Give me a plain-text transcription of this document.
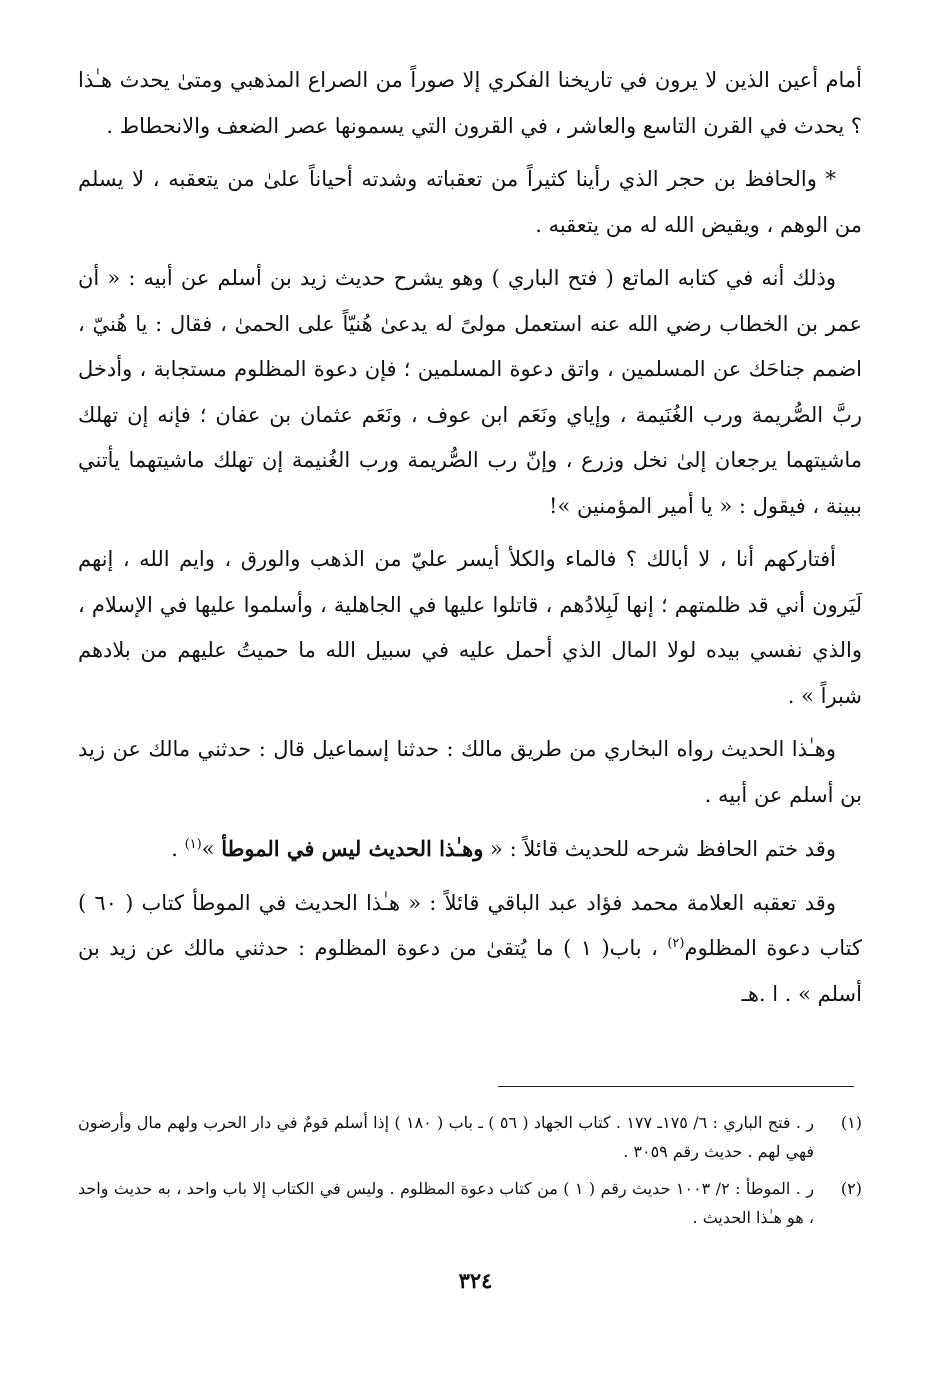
أمام أعين الذين لا يرون في تاريخنا الفكري إلا صوراً من الصراع المذهبي ومتىٰ يحدث هـٰذا ؟ يحدث في القرن التاسع والعاشر ، في القرون التي يسمونها عصر الضعف والانحطاط .

* والحافظ بن حجر الذي رأينا كثيراً من تعقباته وشدته أحياناً علىٰ من يتعقبه ، لا يسلم من الوهم ، ويقيض الله له من يتعقبه .

وذلك أنه في كتابه الماتع ( فتح الباري ) وهو يشرح حديث زيد بن أسلم عن أبيه : « أن عمر بن الخطاب رضي الله عنه استعمل مولىً له يدعىٰ هُنيّاً على الحمىٰ ، فقال : يا هُنيّ ، اضمم جناحَك عن المسلمين ، واتق دعوة المسلمين ؛ فإن دعوة المظلوم مستجابة ، وأدخل ربَّ الصُّريمة ورب الغُنَيمة ، وإياي ونَعَم ابن عوف ، ونَعَم عثمان بن عفان ؛ فإنه إن تهلك ماشيتهما يرجعان إلىٰ نخل وزرع ، وإنّ رب الصُّريمة ورب الغُنيمة إن تهلك ماشيتهما يأتني ببينة ، فيقول : « يا أمير المؤمنين »!

أفتاركهم أنا ، لا أبالك ؟ فالماء والكلأ أيسر عليّ من الذهب والورق ، وايم الله ، إنهم لَيَرون أني قد ظلمتهم ؛ إنها لَبِلادُهم ، قاتلوا عليها في الجاهلية ، وأسلموا عليها في الإسلام ، والذي نفسي بيده لولا المال الذي أحمل عليه في سبيل الله ما حميتُ عليهم من بلادهم شبراً » .

وهـٰذا الحديث رواه البخاري من طريق مالك : حدثنا إسماعيل قال : حدثني مالك عن زيد بن أسلم عن أبيه .

وقد ختم الحافظ شرحه للحديث قائلاً : « وهـٰذا الحديث ليس في الموطأ »$^{(١)}$ .

وقد تعقبه العلامة محمد فؤاد عبد الباقي قائلاً : « هـٰذا الحديث في الموطأ كتاب ( ٦٠ ) كتاب دعوة المظلوم$^{(٢)}$ ، باب( ١ ) ما يُتقىٰ من دعوة المظلوم : حدثني مالك عن زيد بن أسلم » . ا .هـ

(١)
ر . فتح الباري : ٦/ ١٧٥ـ ١٧٧ . كتاب الجهاد ( ٥٦ ) ـ باب ( ١٨٠ ) إذا أسلم قومٌ في دار الحرب ولهم مال وأرضون فهي لهم . حديث رقم ٣٠٥٩ .
(٢)
ر . الموطأ : ٢/ ١٠٠٣ حديث رقم ( ١ ) من كتاب دعوة المظلوم . وليس في الكتاب إلا باب واحد ، به حديث واحد ، هو هـٰذا الحديث .
٣٢٤
